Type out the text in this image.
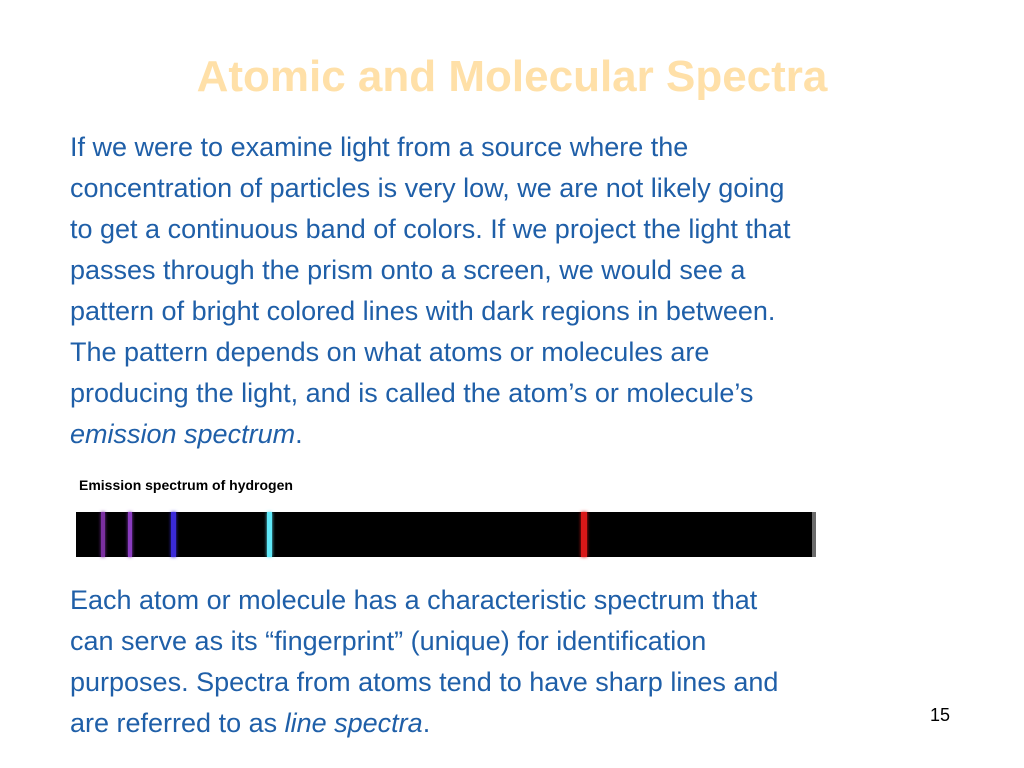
Atomic and Molecular Spectra

If we were to examine light from a source where the
concentration of particles is very low, we are not likely going
to get a continuous band of colors. If we project the light that
passes through the prism onto a screen, we would see a
pattern of bright colored lines with dark regions in between.
The pattern depends on what atoms or molecules are
producing the light, and is called the atom’s or molecule’s
emission spectrum.

Emission spectrum of hydrogen

Each atom or molecule has a characteristic spectrum that
can serve as its “fingerprint” (unique) for identification
purposes. Spectra from atoms tend to have sharp lines and
are referred to as line spectra.	15
